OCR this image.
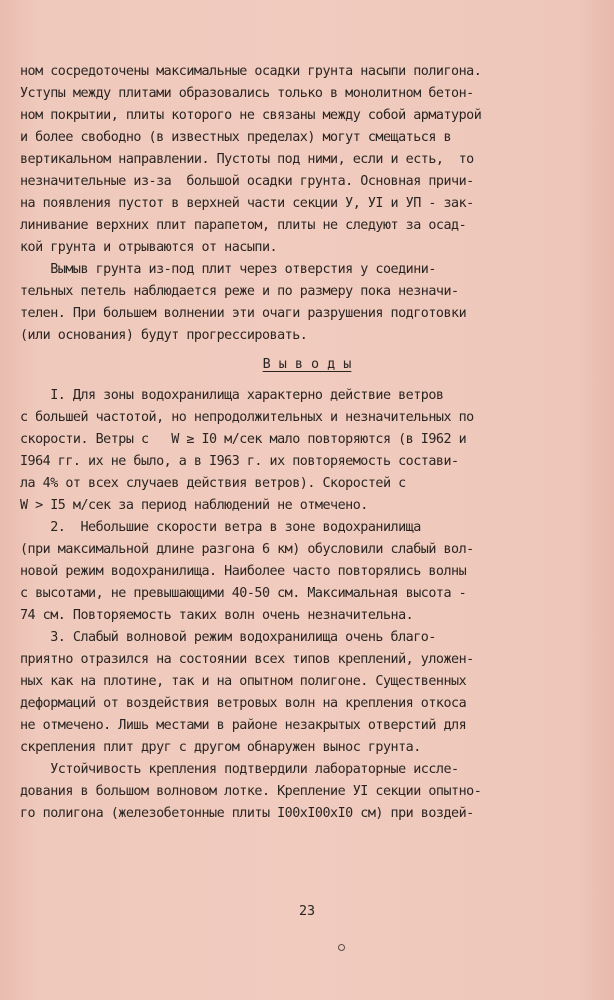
ном сосредоточены максимальные осадки грунта насыпи полигона.
Уступы между плитами образовались только в монолитном бетон-
ном покрытии, плиты которого не связаны между собой арматурой
и более свободно (в известных пределах) могут смещаться в
вертикальном направлении. Пустоты под ними, если и есть,  то
незначительные из-за  большой осадки грунта. Основная причи-
на появления пустот в верхней части секции У, УI и УП - зак-
линивание верхних плит парапетом, плиты не следуют за осад-
кой грунта и отрываются от насыпи.
Вымыв грунта из-под плит через отверстия у соедини-
тельных петель наблюдается реже и по размеру пока незначи-
телен. При большем волнении эти очаги разрушения подготовки
(или основания) будут прогрессировать.
В ы в о д ы
I. Для зоны водохранилища характерно действие ветров
с большей частотой, но непродолжительных и незначительных по
скорости. Ветры с   W ≥ I0 м/сек мало повторяются (в I962 и
I964 гг. их не было, а в I963 г. их повторяемость состави-
ла 4% от всех случаев действия ветров). Скоростей с
W > I5 м/сек за период наблюдений не отмечено.
2.  Небольшие скорости ветра в зоне водохранилища
(при максимальной длине разгона 6 км) обусловили слабый вол-
новой режим водохранилища. Наиболее часто повторялись волны
с высотами, не превышающими 40-50 см. Максимальная высота -
74 см. Повторяемость таких волн очень незначительна.
3. Слабый волновой режим водохранилища очень благо-
приятно отразился на состоянии всех типов креплений, уложен-
ных как на плотине, так и на опытном полигоне. Существенных
деформаций от воздействия ветровых волн на крепления откоса
не отмечено. Лишь местами в районе незакрытых отверстий для
скрепления плит друг с другом обнаружен вынос грунта.
Устойчивость крепления подтвердили лабораторные иссле-
дования в большом волновом лотке. Крепление УI секции опытно-
го полигона (железобетонные плиты I00xI00xI0 см) при воздей-
23
